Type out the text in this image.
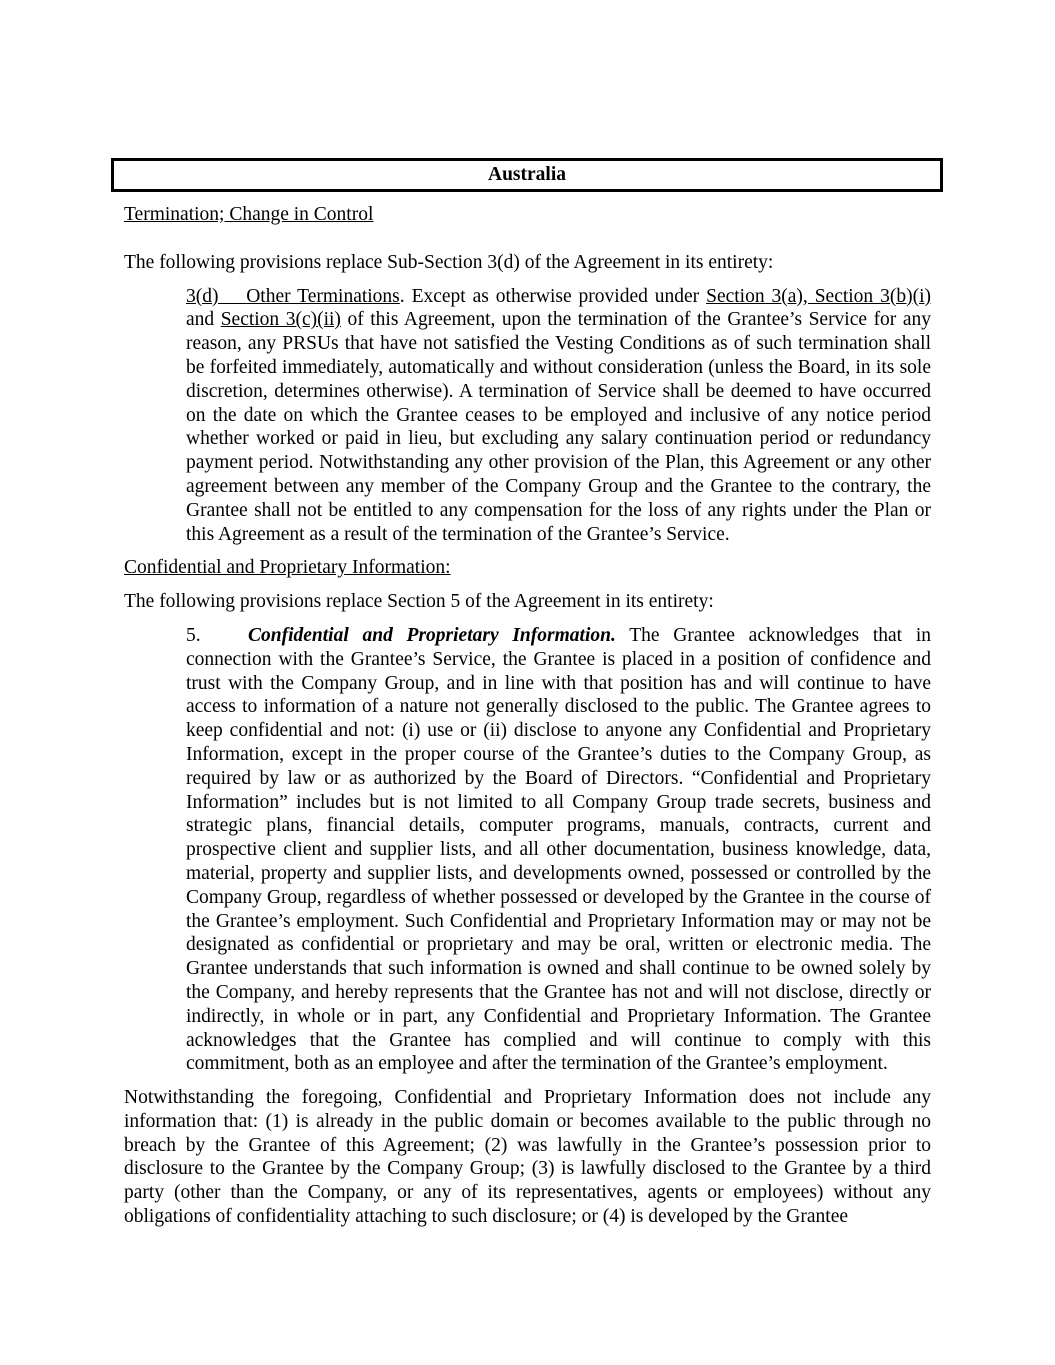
Australia

Termination; Change in Control

The following provisions replace Sub-Section 3(d) of the Agreement in its entirety:

3(d) Other Terminations. Except as otherwise provided under Section 3(a), Section 3(b)(i) and Section 3(c)(ii) of this Agreement, upon the termination of the Grantee’s Service for any reason, any PRSUs that have not satisfied the Vesting Conditions as of such termination shall be forfeited immediately, automatically and without consideration (unless the Board, in its sole discretion, determines otherwise). A termination of Service shall be deemed to have occurred on the date on which the Grantee ceases to be employed and inclusive of any notice period whether worked or paid in lieu, but excluding any salary continuation period or redundancy payment period. Notwithstanding any other provision of the Plan, this Agreement or any other agreement between any member of the Company Group and the Grantee to the contrary, the Grantee shall not be entitled to any compensation for the loss of any rights under the Plan or this Agreement as a result of the termination of the Grantee’s Service.

Confidential and Proprietary Information:

The following provisions replace Section 5 of the Agreement in its entirety:

5. Confidential and Proprietary Information. The Grantee acknowledges that in connection with the Grantee’s Service, the Grantee is placed in a position of confidence and trust with the Company Group, and in line with that position has and will continue to have access to information of a nature not generally disclosed to the public. The Grantee agrees to keep confidential and not: (i) use or (ii) disclose to anyone any Confidential and Proprietary Information, except in the proper course of the Grantee’s duties to the Company Group, as required by law or as authorized by the Board of Directors. “Confidential and Proprietary Information” includes but is not limited to all Company Group trade secrets, business and strategic plans, financial details, computer programs, manuals, contracts, current and prospective client and supplier lists, and all other documentation, business knowledge, data, material, property and supplier lists, and developments owned, possessed or controlled by the Company Group, regardless of whether possessed or developed by the Grantee in the course of the Grantee’s employment. Such Confidential and Proprietary Information may or may not be designated as confidential or proprietary and may be oral, written or electronic media. The Grantee understands that such information is owned and shall continue to be owned solely by the Company, and hereby represents that the Grantee has not and will not disclose, directly or indirectly, in whole or in part, any Confidential and Proprietary Information. The Grantee acknowledges that the Grantee has complied and will continue to comply with this commitment, both as an employee and after the termination of the Grantee’s employment.

Notwithstanding the foregoing, Confidential and Proprietary Information does not include any information that: (1) is already in the public domain or becomes available to the public through no breach by the Grantee of this Agreement; (2) was lawfully in the Grantee’s possession prior to disclosure to the Grantee by the Company Group; (3) is lawfully disclosed to the Grantee by a third party (other than the Company, or any of its representatives, agents or employees) without any obligations of confidentiality attaching to such disclosure; or (4) is developed by the Grantee
